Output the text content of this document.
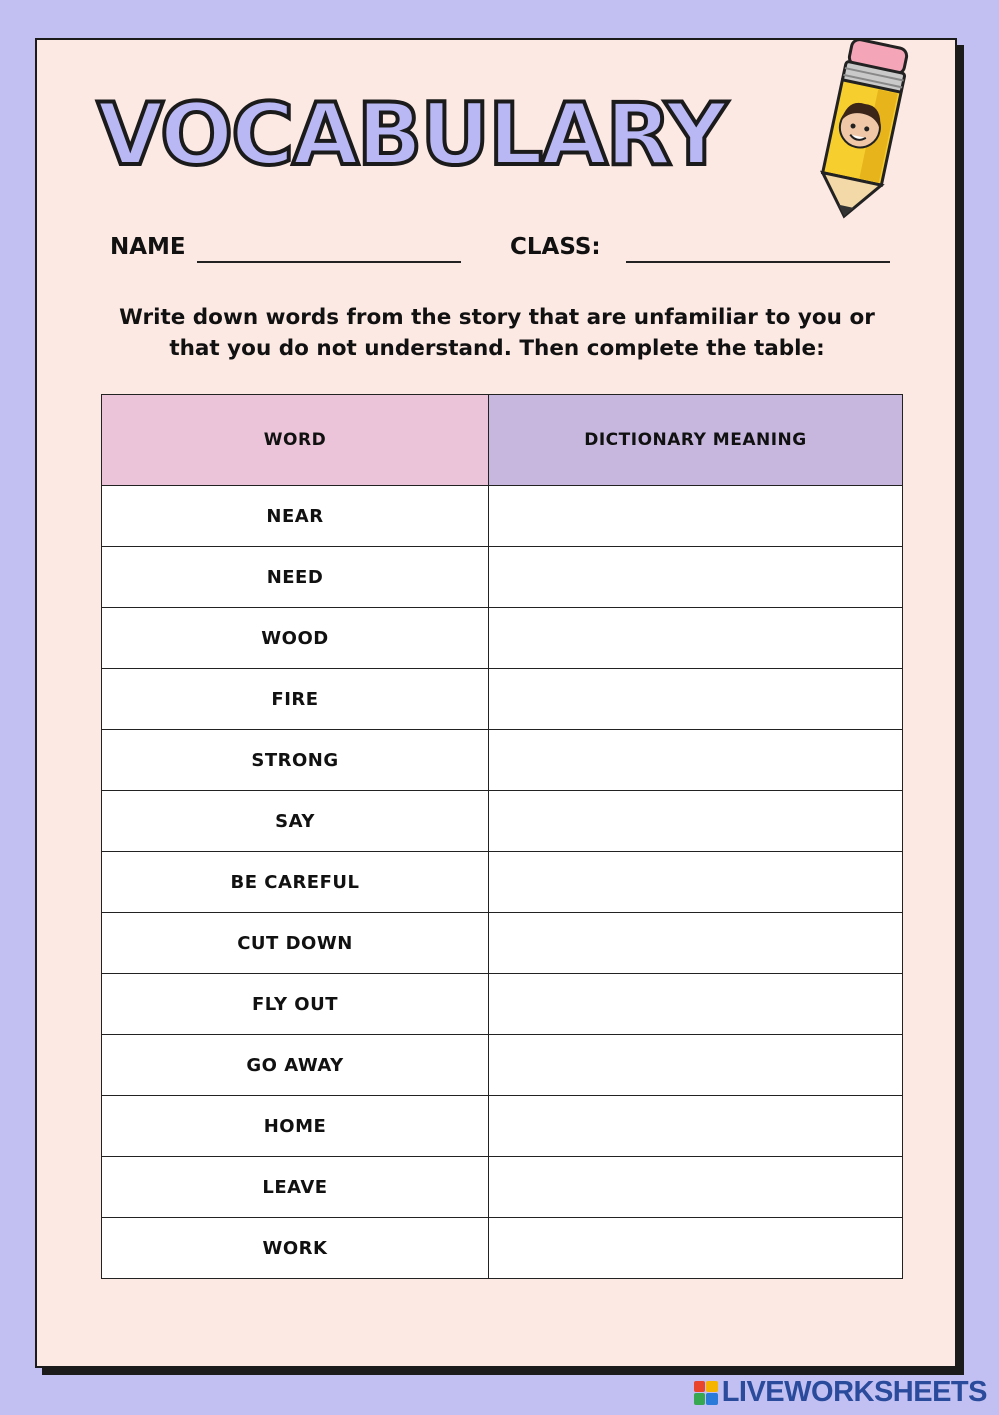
VOCABULARY
NAME	CLASS:

Write down words from the story that are unfamiliar to you or
that you do not understand. Then complete the table:

WORD	DICTIONARY MEANING
NEAR	
NEED	
WOOD	
FIRE	
STRONG	
SAY	
BE CAREFUL	
CUT DOWN	
FLY OUT	
GO AWAY	
HOME	
LEAVE	
WORK	
LIVEWORKSHEETS
